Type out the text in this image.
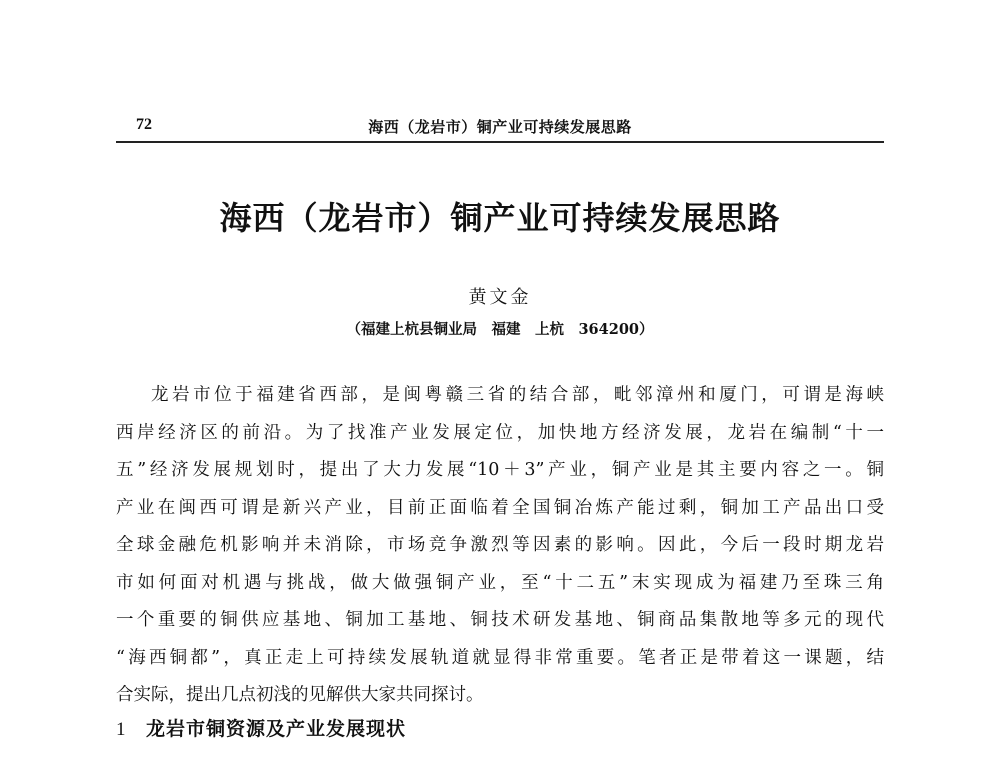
72	海西（龙岩市）铜产业可持续发展思路
海西（龙岩市）铜产业可持续发展思路
黄文金
（福建上杭县铜业局　福建　上杭　364200）
龙岩市位于福建省西部，是闽粤赣三省的结合部，毗邻漳州和厦门，可谓是海峡
西岸经济区的前沿。为了找准产业发展定位，加快地方经济发展，龙岩在编制“十一
五”经济发展规划时，提出了大力发展“10＋3”产业，铜产业是其主要内容之一。铜
产业在闽西可谓是新兴产业，目前正面临着全国铜冶炼产能过剩，铜加工产品出口受
全球金融危机影响并未消除，市场竞争激烈等因素的影响。因此，今后一段时期龙岩
市如何面对机遇与挑战，做大做强铜产业，至“十二五”末实现成为福建乃至珠三角
一个重要的铜供应基地、铜加工基地、铜技术研发基地、铜商品集散地等多元的现代
“海西铜都”，真正走上可持续发展轨道就显得非常重要。笔者正是带着这一课题，结
合实际，提出几点初浅的见解供大家共同探讨。
1 龙岩市铜资源及产业发展现状
